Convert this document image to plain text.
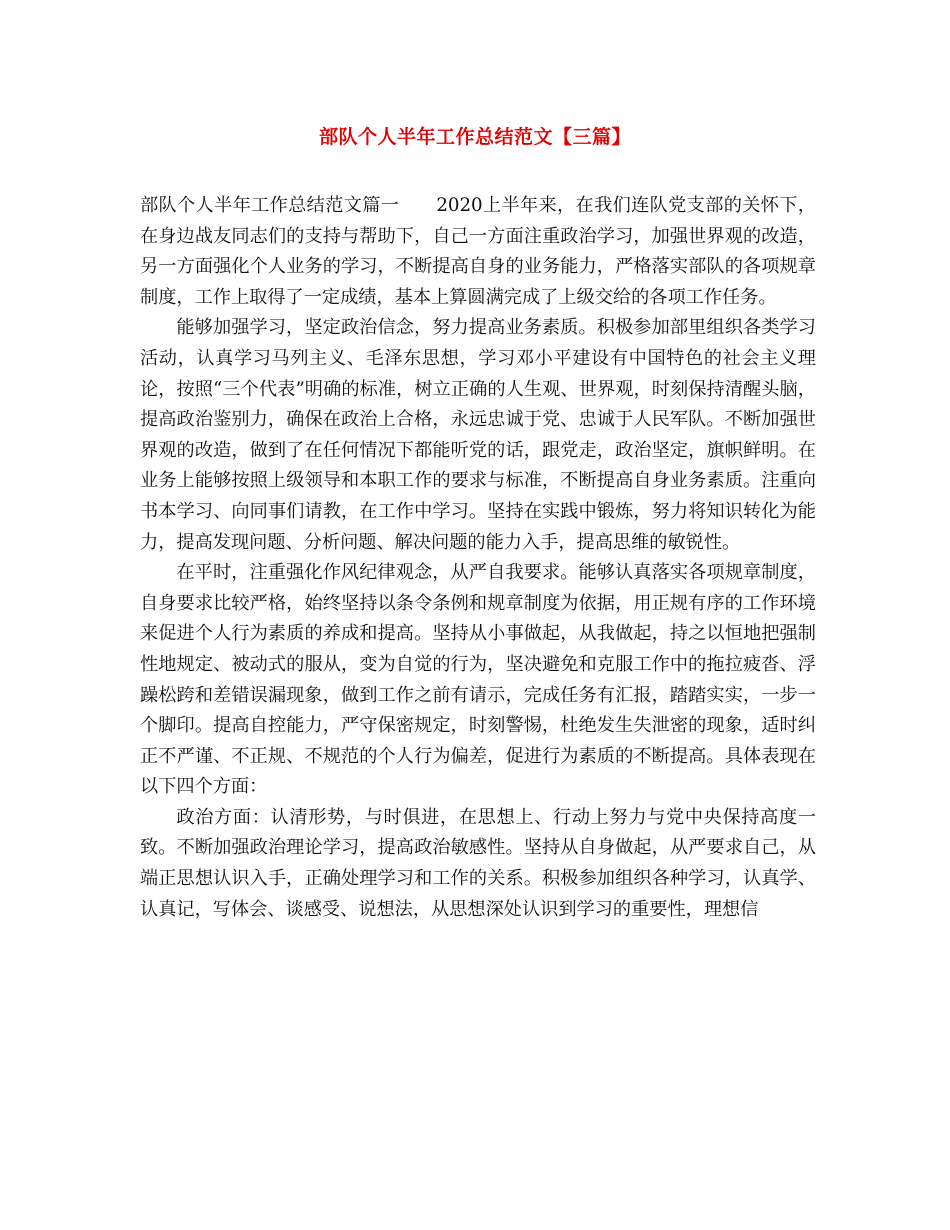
部队个人半年工作总结范文【三篇】

部队个人半年工作总结范文篇一　　2020上半年来，在我们连队党支部的关怀下，在身边战友同志们的支持与帮助下，自己一方面注重政治学习，加强世界观的改造，另一方面强化个人业务的学习，不断提高自身的业务能力，严格落实部队的各项规章制度，工作上取得了一定成绩，基本上算圆满完成了上级交给的各项工作任务。

能够加强学习，坚定政治信念，努力提高业务素质。积极参加部里组织各类学习活动，认真学习马列主义、毛泽东思想，学习邓小平建设有中国特色的社会主义理论，按照“三个代表”明确的标准，树立正确的人生观、世界观，时刻保持清醒头脑，提高政治鉴别力，确保在政治上合格，永远忠诚于党、忠诚于人民军队。不断加强世界观的改造，做到了在任何情况下都能听党的话，跟党走，政治坚定，旗帜鲜明。在业务上能够按照上级领导和本职工作的要求与标准，不断提高自身业务素质。注重向书本学习、向同事们请教，在工作中学习。坚持在实践中锻炼，努力将知识转化为能力，提高发现问题、分析问题、解决问题的能力入手，提高思维的敏锐性。

在平时，注重强化作风纪律观念，从严自我要求。能够认真落实各项规章制度，自身要求比较严格，始终坚持以条令条例和规章制度为依据，用正规有序的工作环境来促进个人行为素质的养成和提高。坚持从小事做起，从我做起，持之以恒地把强制性地规定、被动式的服从，变为自觉的行为，坚决避免和克服工作中的拖拉疲沓、浮躁松跨和差错误漏现象，做到工作之前有请示，完成任务有汇报，踏踏实实，一步一个脚印。提高自控能力，严守保密规定，时刻警惕，杜绝发生失泄密的现象，适时纠正不严谨、不正规、不规范的个人行为偏差，促进行为素质的不断提高。具体表现在以下四个方面：

政治方面：认清形势，与时俱进，在思想上、行动上努力与党中央保持高度一致。不断加强政治理论学习，提高政治敏感性。坚持从自身做起，从严要求自己，从端正思想认识入手，正确处理学习和工作的关系。积极参加组织各种学习，认真学、认真记，写体会、谈感受、说想法，从思想深处认识到学习的重要性，理想信
